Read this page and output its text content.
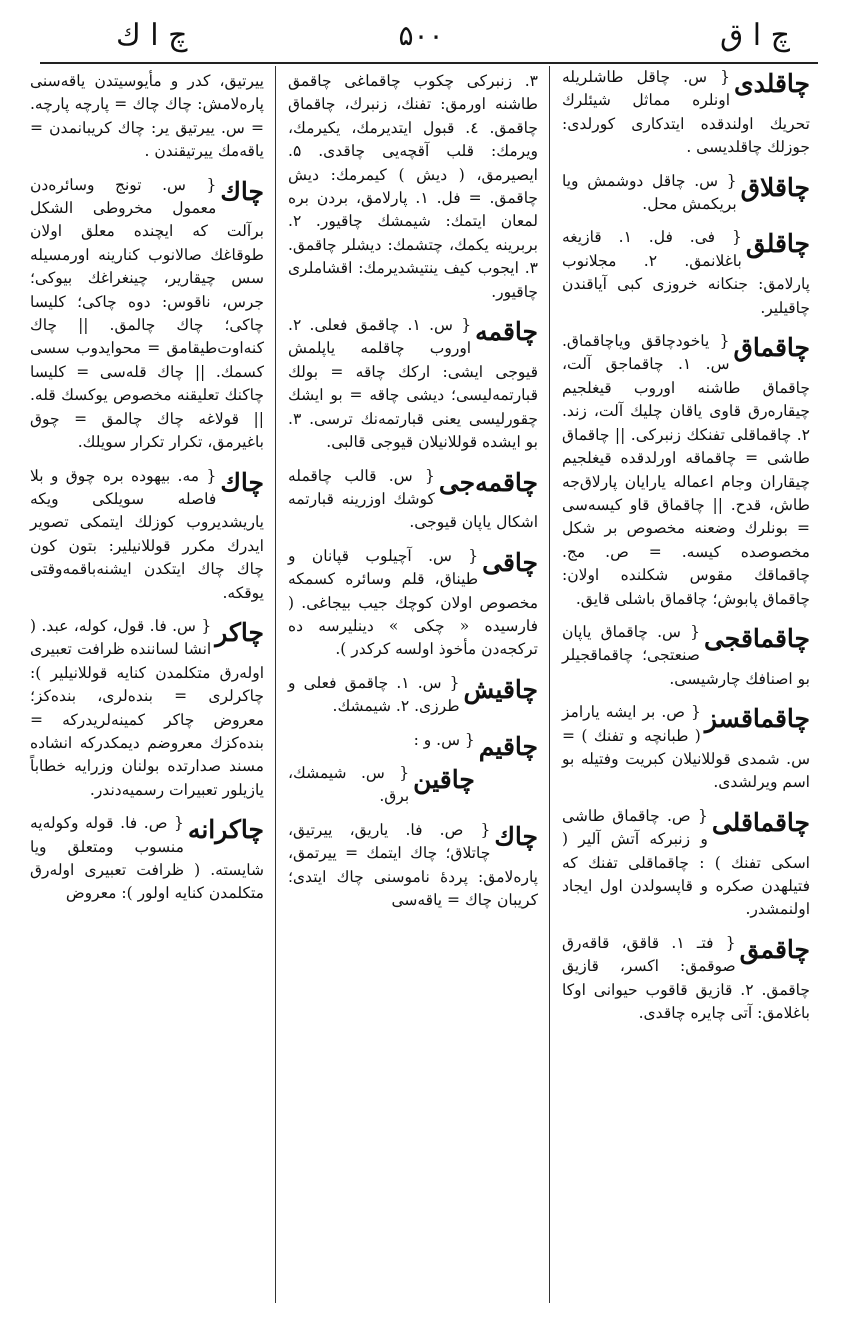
چ ا ق
۵۰۰
چ ا ك
چاقلدی
{ س. چاقل طاشلریله اونلره مماثل شیئلرك تحریك اولندقده ایتدكاری كورلدی: جوزلك چاقلدیسی .
چاقلاق
{ س. چاقل دوشمش ویا بریكمش محل.
چاقلق
{ فی. فل. ۱. قازیغه باغلانمق. ۲. مجلانوب پارلامق: جنكانه خروزی كبی آیاقندن چاقیلیر.
چاقماق
{ یاخودچاقق ویاچاقماق. س. ۱. چاقماجق آلت، چاقماق طاشنه اوروب قیغلجیم چیقاره‌رق قاوی یاقان چلیك آلت، زند. ۲. چاقماقلی تفنكك زنبركی. || چاقماق طاشی = چاقماقه اورلدقده قیغلجیم چیقاران وجام اعماله یارایان پارلاق‌جه طاش، قدح. || چاقماق قاو كیسه‌سی = بونلرك وضعنه مخصوص بر شكل مخصوصده كیسه. = ص. مج. چاقماقك مقوس شكلنده اولان: چاقماق پابوش؛ چاقماق باشلی قایق.
چاقماقجی
{ س. چاقماق یاپان صنعتجی؛ چاقماقجیلر بو اصنافك چارشیسی.
چاقماقسز
{ ص. بر ایشه یارامز ( طبانچه و تفنك ) = س. شمدی قوللانیلان كبریت وفتیله بو اسم ویرلشدی.
چاقماقلی
{ ص. چاقماق طاشی و زنبركه آتش آلیر ( اسكی تفنك ) : چاقماقلی تفنك كه فتیلهدن صكره و قاپسولدن اول ایجاد اولنمشدر.
چاقمق
{ فتـ ۱. قاقق، قاقه‌رق صوقمق: اكسر، قازیق چاقمق. ۲. قازیق قاقوب حیوانی اوكا باغلامق: آتی چایره چاقدی.
۳. زنبركی چكوب چاقماغی چاقمق طاشنه اورمق: تفنك، زنبرك، چاقماق چاقمق. ٤. قبول ایتدیرمك، یكیرمك، ویرمك: قلب آقچه‌یی چاقدی. ۵. ایصیرمق، ( دیش ) كیمرمك: دیش چاقمق. = فل. ۱. پارلامق، بردن بره لمعان ایتمك: شیمشك چاقیور. ۲. بربرینه یكمك، چتشمك: دیشلر چاقمق. ۳. ایجوب كیف ینتیشدیرمك: اقشاملری چاقیور.
چاقمه
{ س. ۱. چاقمق فعلی. ۲. اوروب چاقلمه یاپلمش قیوجی ایشی: اركك چاقه = بولك قبارتمه‌لیسی؛ دیشی چاقه = بو ایشك چقورلیسی یعنی قبارتمه‌نك ترسی. ۳. بو ایشده قوللانیلان قیوجی قالبی.
چاقمه‌جی
{ س. قالب چاقمله كوشك اوزرینه قبارتمه اشكال یاپان قیوجی.
چاقی
{ س. آچیلوب قپانان و طیناق، قلم وسائره كسمكه مخصوص اولان كوچك جیب بیجاغی. ( فارسیده « چكی » دینلیرسه ده تركجه‌دن مأخوذ اولسه كركدر ).
چاقیش
{ س. ۱. چاقمق فعلی و طرزی. ۲. شیمشك.
چاقیم
{ س. و :
چاقین
{ س. شیمشك، برق.
چاك
{ ص. فا. یاریق، ییرتیق، چاتلاق؛ چاك ایتمك = ییرتمق، پاره‌لامق: پردهٔ ناموسنی چاك ایتدی؛ كریبان چاك = یاقه‌سی
ییرتیق، كدر و مأیوسیتدن یاقه‌سنی پاره‌لامش: چاك چاك = پارچه پارچه. = س. ییرتیق یر: چاك كریبانمدن = یاقه‌مك ییرتیقندن .
چاك
{ س. تونج وسائره‌دن معمول مخروطی الشكل برآلت كه ایچنده معلق اولان طوقاغك صالانوب كنارینه اورمسیله سس چیقاریر، چینغراغك بیوكی؛ جرس، ناقوس: دوه چاكی؛ كلیسا چاكی؛ چاك چالمق. || چاك كنه‌اوت‌طیقامق = محوایدوب سسی كسمك. || چاك قله‌سی = كلیسا چاكنك تعلیقنه مخصوص یوكسك قله. || قولاغه چاك چالمق = چوق باغیرمق، تكرار تكرار سویلك.
چاك
{ مه. بیهوده بره چوق و بلا فاصله سویلكی ویكه یاریشدیروب كوزلك ایتمكی تصویر ایدرك مكرر قوللانیلیر: بتون كون چاك چاك ایتكدن ایشنه‌باقمه‌وقتی یوقكه.
چاكر
{ س. فا. قول، كوله، عبد. ( انشا لساننده ظرافت تعبیری اوله‌رق متكلمدن كنایه قوللانیلیر ): چاكرلری = بنده‌لری، بنده‌كز؛ معروض چاكر كمینه‌لریدركه = بنده‌كزك معروضم دیمكدركه انشاده مسند صدارتده بولنان وزرایه خطاباً یازیلور تعبیرات رسمیه‌دندر.
چاكرانه
{ ص. فا. قوله وكوله‌یه منسوب ومتعلق ویا شایسته. ( ظرافت تعبیری اوله‌رق متكلمدن كنایه اولور ): معروض
